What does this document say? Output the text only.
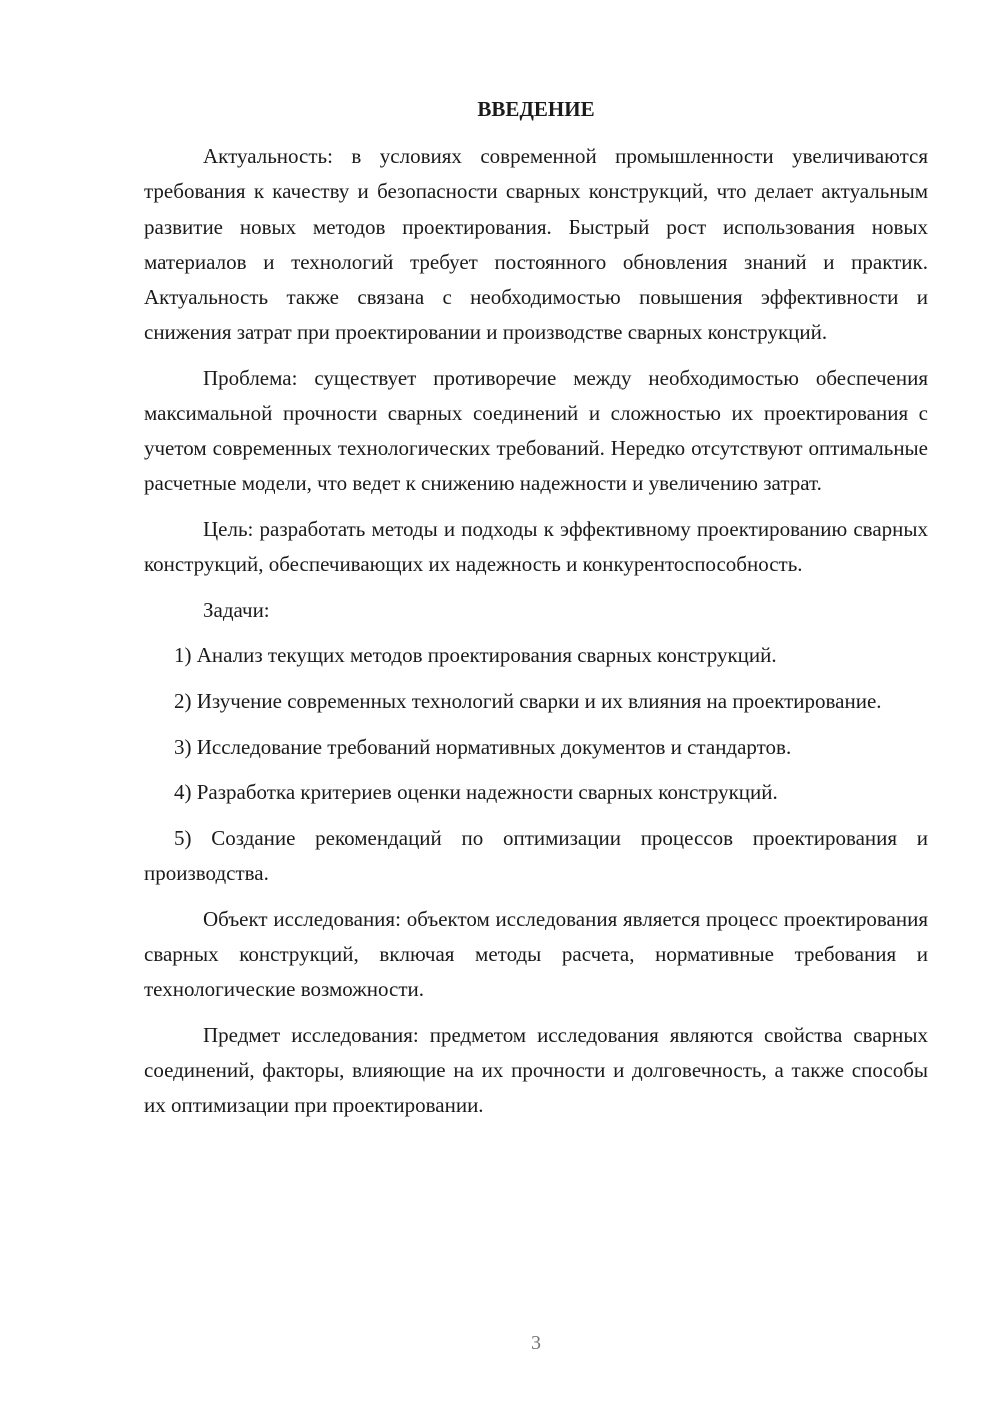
ВВЕДЕНИЕ

Актуальность: в условиях современной промышленности увеличиваются требования к качеству и безопасности сварных конструкций, что делает актуальным развитие новых методов проектирования. Быстрый рост использования новых материалов и технологий требует постоянного обновления знаний и практик. Актуальность также связана с необходимостью повышения эффективности и снижения затрат при проектировании и производстве сварных конструкций.

Проблема: существует противоречие между необходимостью обеспечения максимальной прочности сварных соединений и сложностью их проектирования с учетом современных технологических требований. Нередко отсутствуют оптимальные расчетные модели, что ведет к снижению надежности и увеличению затрат.

Цель: разработать методы и подходы к эффективному проектированию сварных конструкций, обеспечивающих их надежность и конкурентоспособность.

Задачи:

1) Анализ текущих методов проектирования сварных конструкций.

2) Изучение современных технологий сварки и их влияния на проектирование.

3) Исследование требований нормативных документов и стандартов.

4) Разработка критериев оценки надежности сварных конструкций.

5) Создание рекомендаций по оптимизации процессов проектирования и производства.

Объект исследования: объектом исследования является процесс проектирования сварных конструкций, включая методы расчета, нормативные требования и технологические возможности.

Предмет исследования: предметом исследования являются свойства сварных соединений, факторы, влияющие на их прочности и долговечность, а также способы их оптимизации при проектировании.

3
